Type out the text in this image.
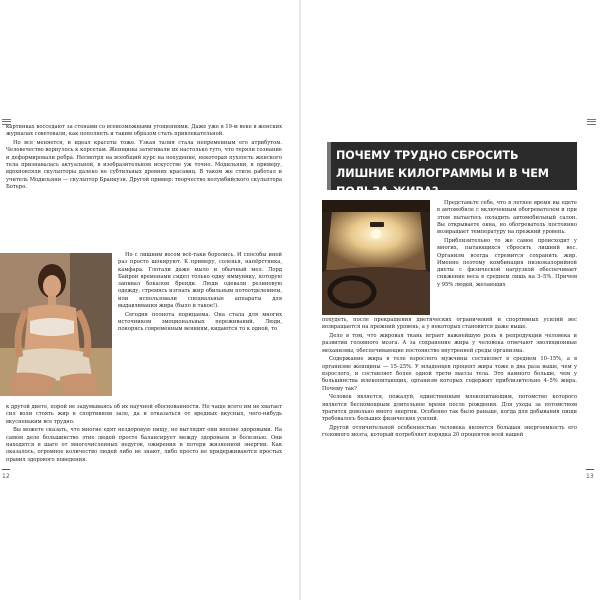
картинках восседают за стенами со всевозможными угощениями. Даже уже в 19-м веке в женских журналах советовали, как пополнеть и таким образом стать привлекательной.

Но все меняется, и идеал красоты тоже. Узкая талия стала непременным его атрибутом. Человечество вернулось к корсетам. Женщины затягивали их настолько туго, что теряли сознание и деформировали ребра. Несмотря на всеобщий курс на похудение, некоторая пухлость женского тела признавалась актуальной, в изобразительном искусстве уж точно. Модильяни, к примеру, вдохновляли скульпторы далеко не субтильных древних красавиц. В таком же стиле работал и учитель Модильяни — скульптор Бранкузи. Другой пример: творчество колумбийского скульптора Ботеро.

Но с лишним весом всё-таки боролись. И способы иной раз просто шокируют. К примеру, соленья, напёрстянка, камфара. Глотали даже мыло и обычный мел. Лорд Байрон временами сидел только одну иммунику, которую запивал бокалом бренди. Люди одевали резиновую одежду, стремясь изгнать жир обильным потоотделением, или использовали специальные аппараты для выдавливания жира (было и такое!).

Сегодня полнота порицаема. Она стала для многих источником эмоциональных переживаний. Люди, покорясь современным веяниям, кидаются то к одной, то

к другой диете, порой не задумываясь об их научной обоснованности. Но чаще всего им не хватает сил воли стоять жир в спортивном зале, да и отказаться от вредных вкусных, чего-нибудь вкусненьким все трудно.

Вы можете сказать, что многие едят нездоровую пищу, но выглядят они вполне здоровыми. На самом деле большинство этих людей просто балансирует между здоровьем и болезнью. Они находятся в шаге от многочисленных недугов, ожирения и потери жизненной энергии. Как оказалось, огромное количество людей либо не знают, либо просто не придерживаются простых правил здорового поведения.

12	13
ПОЧЕМУ ТРУДНО СБРОСИТЬ ЛИШНИЕ КИЛОГРАММЫ И В ЧЕМ ПОЛЬЗА ЖИРА?

Представьте себе, что в летнее время вы едете в автомобиле с включенным обогревателем и при этом пытаетесь охладить автомобильный салон. Вы открываете окна, но обогреватель постоянно возвращает температуру на прежний уровень.

Приблизительно то же самое происходит у многих, пытающихся сбросить лишний вес. Организм всегда стремится сохранить жир. Именно поэтому комбинация низкокалорийной диеты с физической нагрузкой обеспечивает снижение веса в среднем лишь на 3–5%. Причем у 95% людей, желающих

похудеть, после прекращения диетических ограничений и спортивных усилий вес возвращается на прежний уровень, а у некоторых становится даже выше.

Дело в том, что жировая ткань играет важнейшую роль в репродукции человека и развитии головного мозга. А за сохранение жира у человека отвечают эволюционные механизмы, обеспечивающие постоянство внутренней среды организма.

Содержание жира в теле взрослого мужчины составляет в среднем 10–15%, а в организме женщины — 15–25%. У младенцев процент жира тоже в два раза выше, чем у взрослого, и составляет более одной трети массы тела. Это намного больше, чем у большинства млекопитающих, организм которых содержит приблизительно 4–5% жира. Почему так?

Человек является, пожалуй, единственным млекопитающим, потомство которого является беспомощным длительное время после рождения. Для ухода за потомством тратится довольно много энергии. Особенно так было раньше, когда для добывания пищи требовалось больших физических усилий.

Другой отличительной особенностью человека является большая энергоемкость его головного мозга, который потребляет порядка 20 процентов всей нашей
